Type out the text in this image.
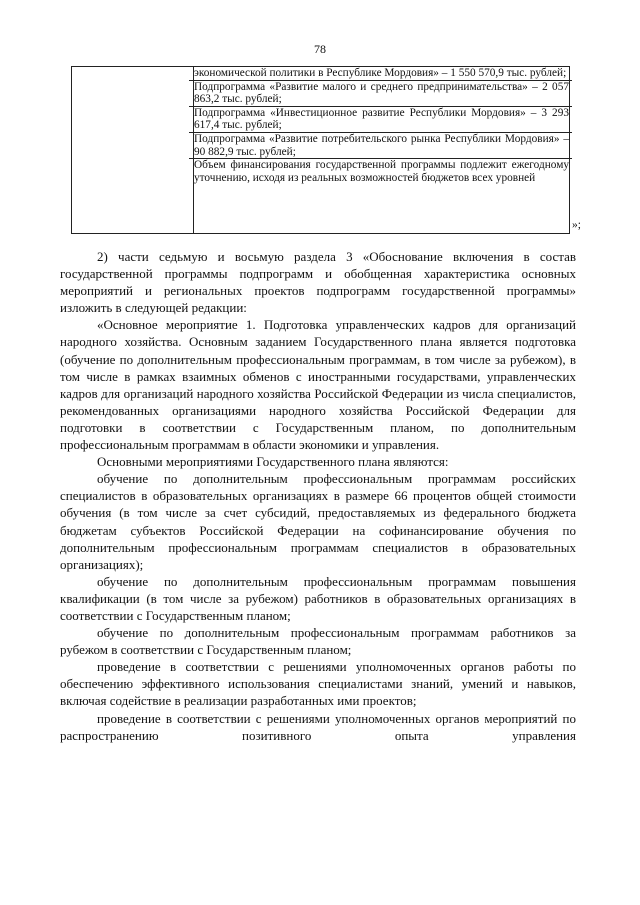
78

экономической политики в Республике Мордовия» – 1 550 570,9 тыс. рублей;
Подпрограмма «Развитие малого и среднего предпринимательства» – 2 057 863,2 тыс. рублей;
Подпрограмма «Инвестиционное развитие Республики Мордовия» – 3 293 617,4 тыс. рублей;
Подпрограмма «Развитие потребительского рынка Республики Мордовия» – 90 882,9 тыс. рублей;
Объем финансирования государственной программы подлежит ежегодному уточнению, исходя из реальных возможностей бюджетов всех уровней
»;

2) части седьмую и восьмую раздела 3 «Обоснование включения в состав государственной программы подпрограмм и обобщенная характеристика основных мероприятий и региональных проектов подпрограмм государственной программы» изложить в следующей редакции:

«Основное мероприятие 1. Подготовка управленческих кадров для организаций народного хозяйства. Основным заданием Государственного плана является подготовка (обучение по дополнительным профессиональным программам, в том числе за рубежом), в том числе в рамках взаимных обменов с иностранными государствами, управленческих кадров для организаций народного хозяйства Российской Федерации из числа специалистов, рекомендованных организациями народного хозяйства Российской Федерации для подготовки в соответствии с Государственным планом, по дополнительным профессиональным программам в области экономики и управления.

Основными мероприятиями Государственного плана являются:

обучение по дополнительным профессиональным программам российских специалистов в образовательных организациях в размере 66 процентов общей стоимости обучения (в том числе за счет субсидий, предоставляемых из федерального бюджета бюджетам субъектов Российской Федерации на софинансирование обучения по дополнительным профессиональным программам специалистов в образовательных организациях);

обучение по дополнительным профессиональным программам повышения квалификации (в том числе за рубежом) работников в образовательных организациях в соответствии с Государственным планом;

обучение по дополнительным профессиональным программам работников за рубежом в соответствии с Государственным планом;

проведение в соответствии с решениями уполномоченных органов работы по обеспечению эффективного использования специалистами знаний, умений и навыков, включая содействие в реализации разработанных ими проектов;

проведение в соответствии с решениями уполномоченных органов мероприятий по распространению позитивного опыта управления
